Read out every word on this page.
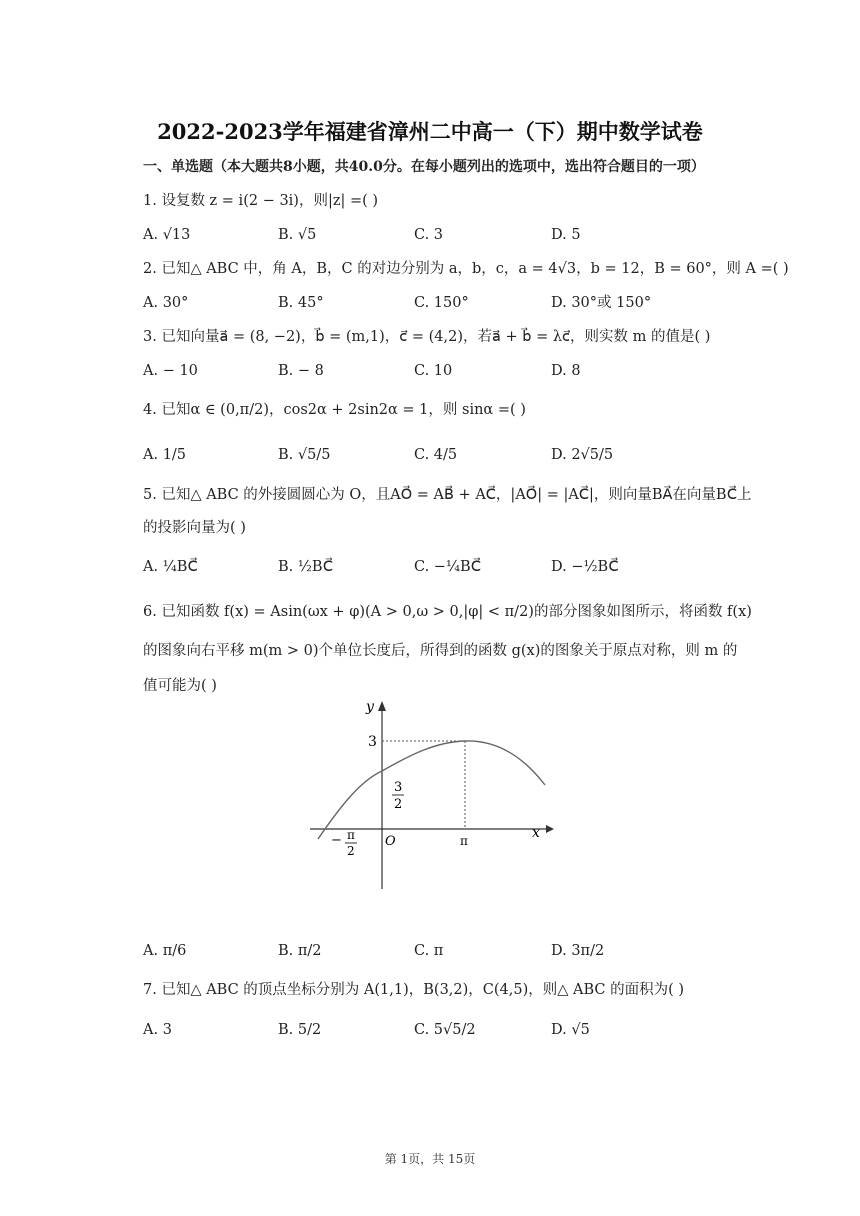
2022-2023学年福建省漳州二中高一（下）期中数学试卷
一、单选题（本大题共8小题，共40.0分。在每小题列出的选项中，选出符合题目的一项）
1. 设复数 z = i(2 − 3i)，则|z| =( )
A. √13	B. √5	C. 3	D. 5
2. 已知△ ABC 中，角 A，B，C 的对边分别为 a，b，c，a = 4√3，b = 12，B = 60°，则 A =( )
A. 30°	B. 45°	C. 150°	D. 30°或 150°
3. 已知向量a⃗ = (8, −2)，b⃗ = (m,1)，c⃗ = (4,2)，若a⃗ + b⃗ = λc⃗，则实数 m 的值是( )
A. − 10	B. − 8	C. 10	D. 8
4. 已知α ∈ (0,π/2)，cos2α + 2sin2α = 1，则 sinα =( )
A. 1/5	B. √5/5	C. 4/5	D. 2√5/5
5. 已知△ ABC 的外接圆圆心为 O，且AO⃗ = AB⃗ + AC⃗，|AO⃗| = |AC⃗|，则向量BA⃗在向量BC⃗上
的投影向量为( )
A. ¼BC⃗	B. ½BC⃗	C. −¼BC⃗	D. −½BC⃗
6. 已知函数 f(x) = Asin(ωx + φ)(A > 0,ω > 0,|φ| < π/2)的部分图象如图所示，将函数 f(x)
的图象向右平移 m(m > 0)个单位长度后，所得到的函数 g(x)的图象关于原点对称，则 m 的
值可能为( )
y
x
O
3
3
2
π
− π
2
A. π/6	B. π/2	C. π	D. 3π/2
7. 已知△ ABC 的顶点坐标分别为 A(1,1)，B(3,2)，C(4,5)，则△ ABC 的面积为( )
A. 3	B. 5/2	C. 5√5/2	D. √5
第 1页，共 15页
